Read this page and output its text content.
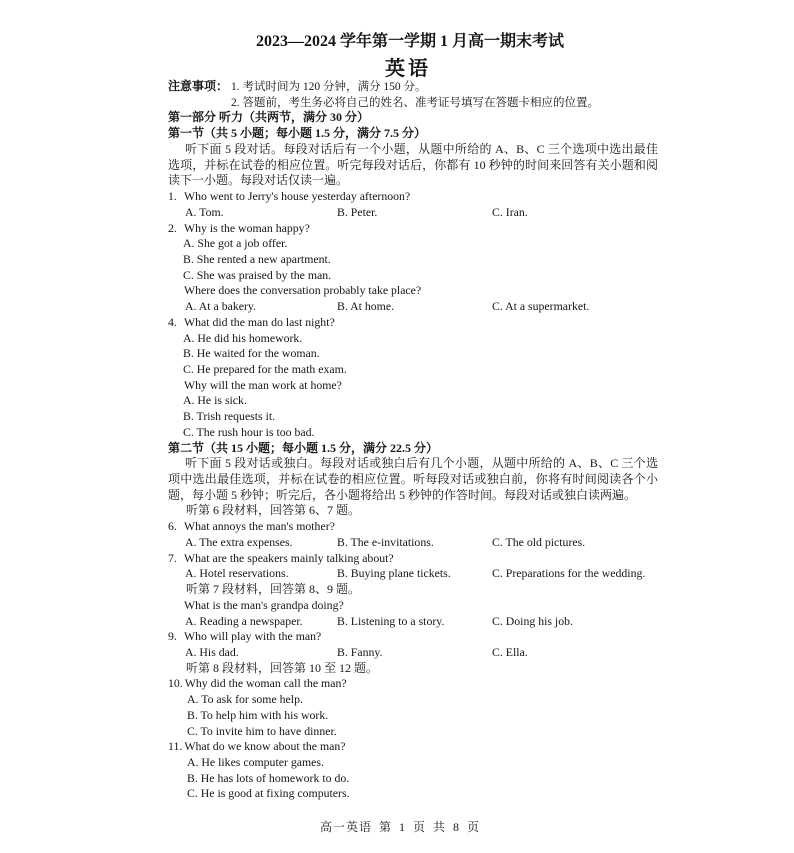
2023—2024 学年第一学期 1 月高一期末考试
英语
注意事项： 1. 考试时间为 120 分钟，满分 150 分。
2. 答题前，考生务必将自己的姓名、准考证号填写在答题卡相应的位置。
第一部分 听力（共两节，满分 30 分）
第一节（共 5 小题；每小题 1.5 分，满分 7.5 分）
听下面 5 段对话。每段对话后有一个小题，从题中所给的 A、B、C 三个选项中选出最佳选项，并标在试卷的相应位置。听完每段对话后，你都有 10 秒钟的时间来回答有关小题和阅读下一小题。每段对话仅读一遍。
1. Who went to Jerry's house yesterday afternoon?
A. Tom.	B. Peter.	C. Iran.
2. Why is the woman happy?
A. She got a job offer.
B. She rented a new apartment.
C. She was praised by the man.
Where does the conversation probably take place?
A. At a bakery.	B. At home.	C. At a supermarket.
4. What did the man do last night?
A. He did his homework.
B. He waited for the woman.
C. He prepared for the math exam.
Why will the man work at home?
A. He is sick.
B. Trish requests it.
C. The rush hour is too bad.
第二节（共 15 小题；每小题 1.5 分，满分 22.5 分）
听下面 5 段对话或独白。每段对话或独白后有几个小题，从题中所给的 A、B、C 三个选项中选出最佳选项，并标在试卷的相应位置。听每段对话或独白前，你将有时间阅读各个小题，每小题 5 秒钟；听完后，各小题将给出 5 秒钟的作答时间。每段对话或独白读两遍。
听第 6 段材料，回答第 6、7 题。
6. What annoys the man's mother?
A. The extra expenses.	B. The e-invitations.	C. The old pictures.
7. What are the speakers mainly talking about?
A. Hotel reservations.	B. Buying plane tickets.	C. Preparations for the wedding.
听第 7 段材料，回答第 8、9 题。
What is the man's grandpa doing?
A. Reading a newspaper.	B. Listening to a story.	C. Doing his job.
9. Who will play with the man?
A. His dad.	B. Fanny.	C. Ella.
听第 8 段材料，回答第 10 至 12 题。
10. Why did the woman call the man?
A. To ask for some help.
B. To help him with his work.
C. To invite him to have dinner.
11. What do we know about the man?
A. He likes computer games.
B. He has lots of homework to do.
C. He is good at fixing computers.
高一英语 第 1 页 共 8 页
